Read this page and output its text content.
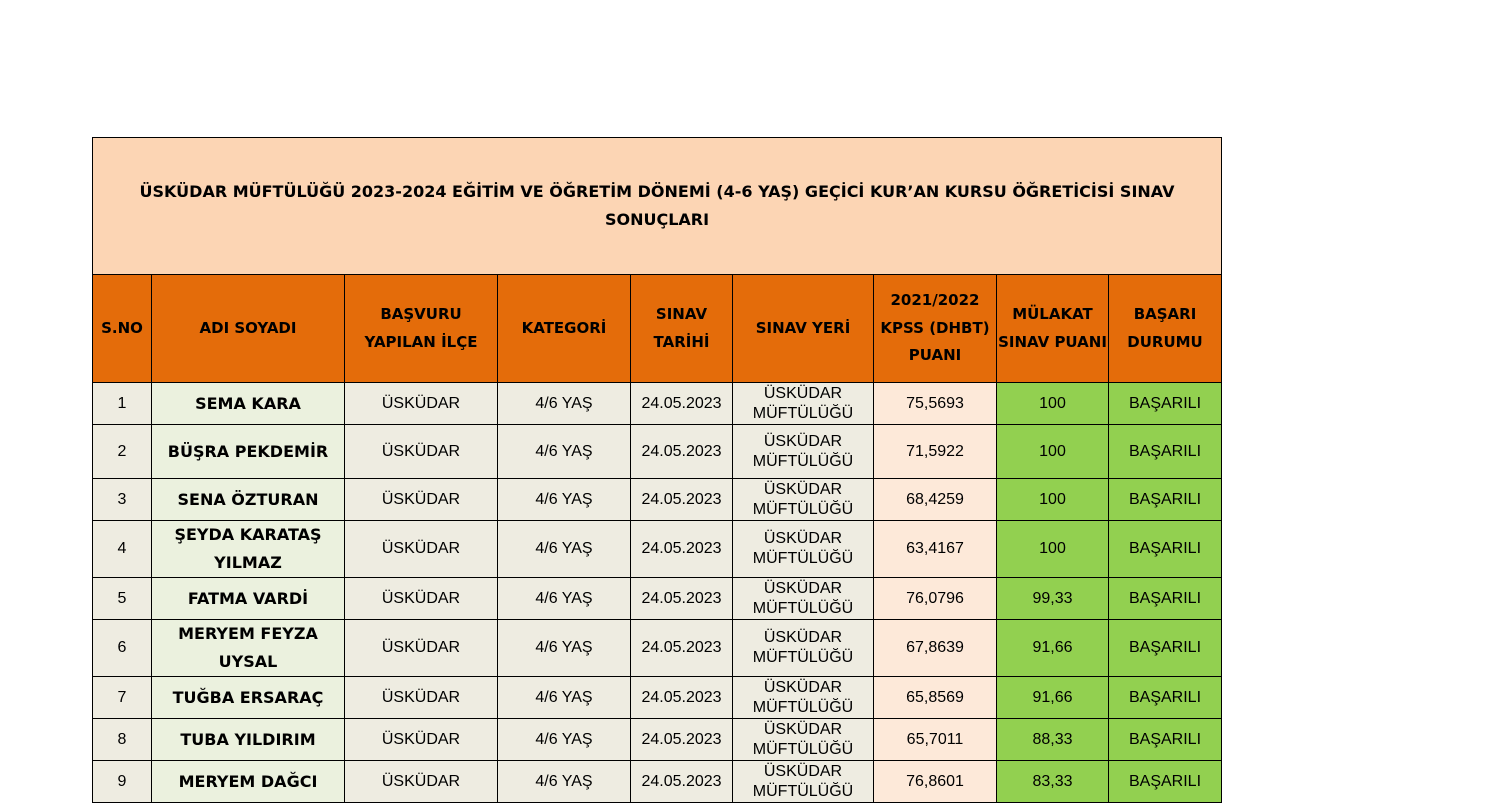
ÜSKÜDAR MÜFTÜLÜĞÜ 2023-2024 EĞİTİM VE ÖĞRETİM DÖNEMİ (4-6 YAŞ) GEÇİCİ KUR’AN KURSU ÖĞRETİCİSİ SINAV SONUÇLARI								
S.NO	ADI SOYADI	BAŞVURU YAPILAN İLÇE	KATEGORİ	SINAV TARİHİ	SINAV YERİ	2021/2022 KPSS (DHBT) PUANI	MÜLAKAT SINAV PUANI	BAŞARI DURUMU
1	SEMA KARA	ÜSKÜDAR	4/6 YAŞ	24.05.2023	ÜSKÜDAR MÜFTÜLÜĞÜ	75,5693	100	BAŞARILI
2	BÜŞRA PEKDEMİR	ÜSKÜDAR	4/6 YAŞ	24.05.2023	ÜSKÜDAR MÜFTÜLÜĞÜ	71,5922	100	BAŞARILI
3	SENA ÖZTURAN	ÜSKÜDAR	4/6 YAŞ	24.05.2023	ÜSKÜDAR MÜFTÜLÜĞÜ	68,4259	100	BAŞARILI
4	ŞEYDA KARATAŞ YILMAZ	ÜSKÜDAR	4/6 YAŞ	24.05.2023	ÜSKÜDAR MÜFTÜLÜĞÜ	63,4167	100	BAŞARILI
5	FATMA VARDİ	ÜSKÜDAR	4/6 YAŞ	24.05.2023	ÜSKÜDAR MÜFTÜLÜĞÜ	76,0796	99,33	BAŞARILI
6	MERYEM FEYZA UYSAL	ÜSKÜDAR	4/6 YAŞ	24.05.2023	ÜSKÜDAR MÜFTÜLÜĞÜ	67,8639	91,66	BAŞARILI
7	TUĞBA ERSARAÇ	ÜSKÜDAR	4/6 YAŞ	24.05.2023	ÜSKÜDAR MÜFTÜLÜĞÜ	65,8569	91,66	BAŞARILI
8	TUBA YILDIRIM	ÜSKÜDAR	4/6 YAŞ	24.05.2023	ÜSKÜDAR MÜFTÜLÜĞÜ	65,7011	88,33	BAŞARILI
9	MERYEM DAĞCI	ÜSKÜDAR	4/6 YAŞ	24.05.2023	ÜSKÜDAR MÜFTÜLÜĞÜ	76,8601	83,33	BAŞARILI
